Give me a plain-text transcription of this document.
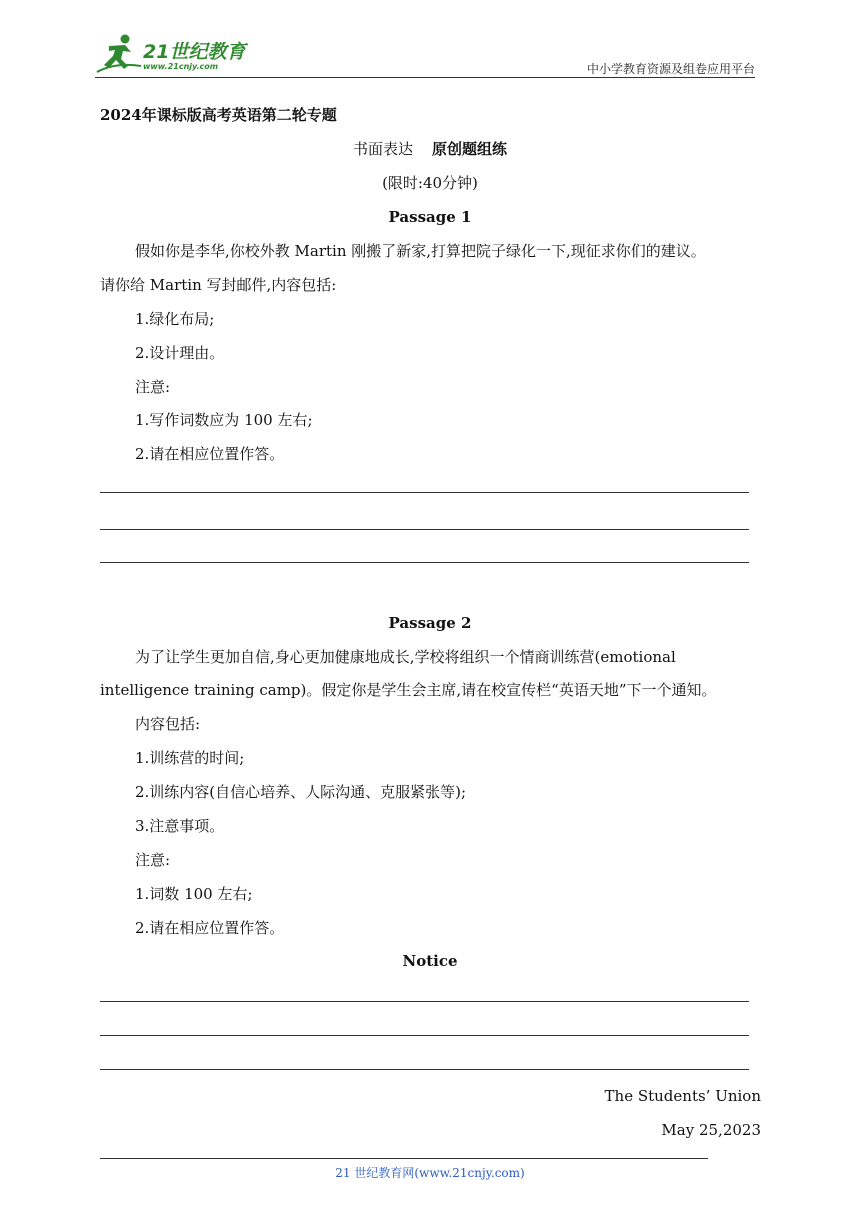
21世纪教育
www.21cnjy.com	中小学教育资源及组卷应用平台
2024年课标版高考英语第二轮专题
书面表达 原创题组练
(限时:40分钟)
Passage 1
假如你是李华,你校外教 Martin 刚搬了新家,打算把院子绿化一下,现征求你们的建议。
请你给 Martin 写封邮件,内容包括:
1.绿化布局;
2.设计理由。
注意:
1.写作词数应为 100 左右;
2.请在相应位置作答。
Passage 2
为了让学生更加自信,身心更加健康地成长,学校将组织一个情商训练营(emotional
intelligence training camp)。假定你是学生会主席,请在校宣传栏“英语天地”下一个通知。
内容包括:
1.训练营的时间;
2.训练内容(自信心培养、人际沟通、克服紧张等);
3.注意事项。
注意:
1.词数 100 左右;
2.请在相应位置作答。
Notice
The Students’ Union
May 25,2023
21 世纪教育网(www.21cnjy.com)
